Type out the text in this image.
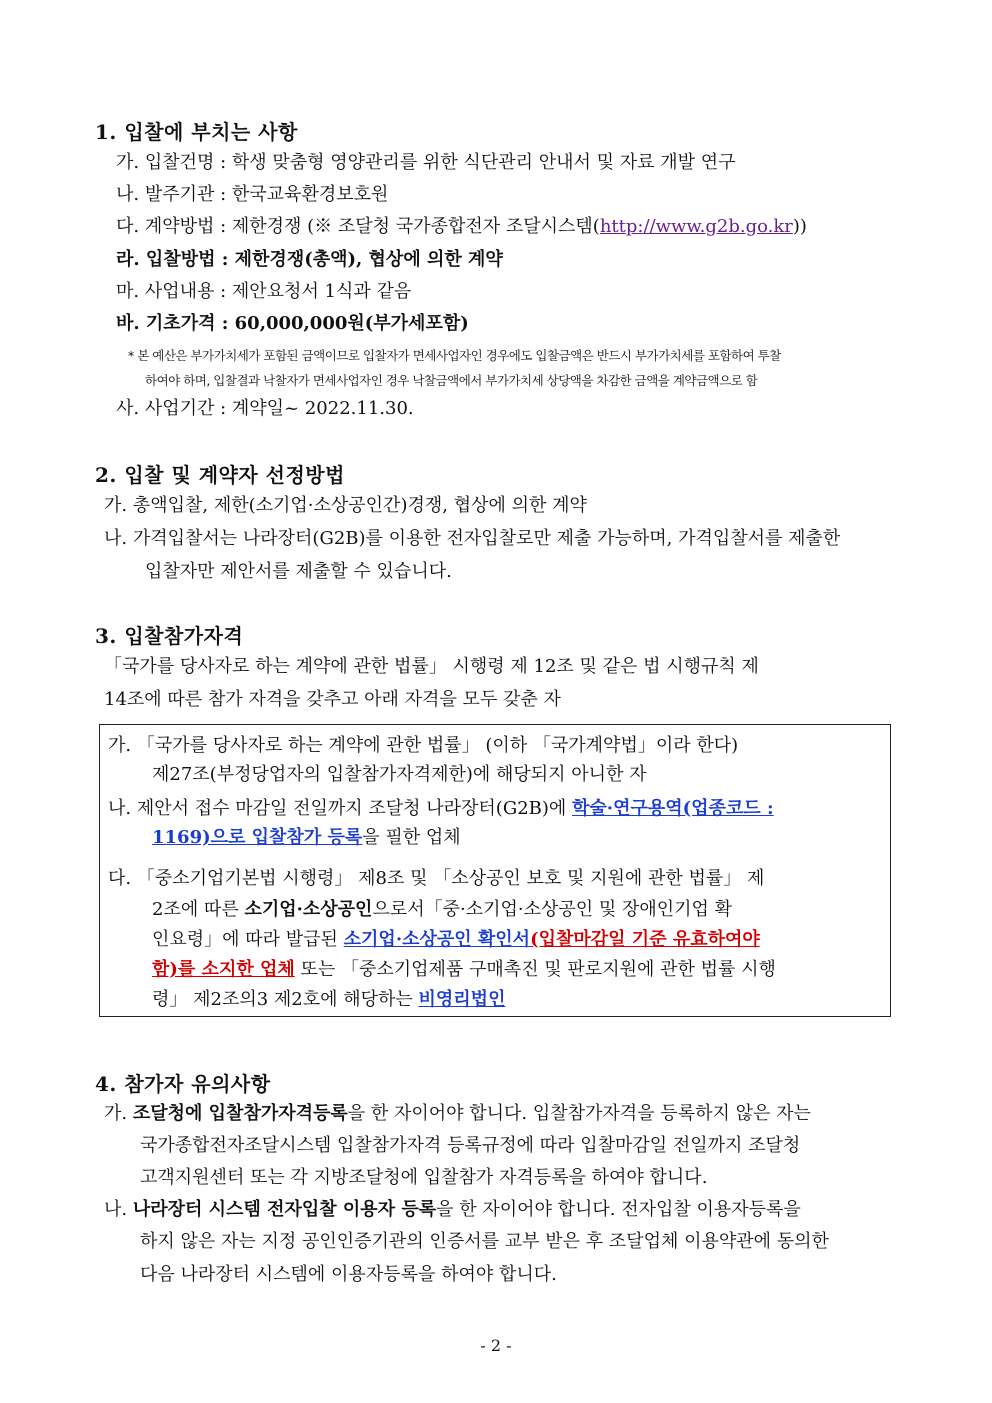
1. 입찰에 부치는 사항
가. 입찰건명 : 학생 맞춤형 영양관리를 위한 식단관리 안내서 및 자료 개발 연구
나. 발주기관 : 한국교육환경보호원
다. 계약방법 : 제한경쟁 (※ 조달청 국가종합전자 조달시스템(http://www.g2b.go.kr))
라. 입찰방법 : 제한경쟁(총액), 협상에 의한 계약
마. 사업내용 : 제안요청서 1식과 같음
바. 기초가격 : 60,000,000원(부가세포함)
* 본 예산은 부가가치세가 포함된 금액이므로 입찰자가 면세사업자인 경우에도 입찰금액은 반드시 부가가치세를 포함하여 투찰
하여야 하며, 입찰결과 낙찰자가 면세사업자인 경우 낙찰금액에서 부가가치세 상당액을 차감한 금액을 계약금액으로 함
사. 사업기간 : 계약일~ 2022.11.30.
2. 입찰 및 계약자 선정방법
가. 총액입찰, 제한(소기업·소상공인간)경쟁, 협상에 의한 계약
나. 가격입찰서는 나라장터(G2B)를 이용한 전자입찰로만 제출 가능하며, 가격입찰서를 제출한
입찰자만 제안서를 제출할 수 있습니다.
3. 입찰참가자격
「국가를 당사자로 하는 계약에 관한 법률」 시행령 제 12조 및 같은 법 시행규칙 제
14조에 따른 참가 자격을 갖추고 아래 자격을 모두 갖춘 자
가. 「국가를 당사자로 하는 계약에 관한 법률」 (이하 「국가계약법」이라 한다)
제27조(부정당업자의 입찰참가자격제한)에 해당되지 아니한 자
나. 제안서 접수 마감일 전일까지 조달청 나라장터(G2B)에 학술·연구용역(업종코드 :
1169)으로 입찰참가 등록을 필한 업체
다. 「중소기업기본법 시행령」 제8조 및 「소상공인 보호 및 지원에 관한 법률」 제
2조에 따른 소기업·소상공인으로서「중·소기업·소상공인 및 장애인기업 확
인요령」에 따라 발급된 소기업·소상공인 확인서(입찰마감일 기준 유효하여야
함)를 소지한 업체 또는 「중소기업제품 구매촉진 및 판로지원에 관한 법률 시행
령」 제2조의3 제2호에 해당하는 비영리법인
4. 참가자 유의사항
가. 조달청에 입찰참가자격등록을 한 자이어야 합니다. 입찰참가자격을 등록하지 않은 자는
국가종합전자조달시스템 입찰참가자격 등록규정에 따라 입찰마감일 전일까지 조달청
고객지원센터 또는 각 지방조달청에 입찰참가 자격등록을 하여야 합니다.
나. 나라장터 시스템 전자입찰 이용자 등록을 한 자이어야 합니다. 전자입찰 이용자등록을
하지 않은 자는 지정 공인인증기관의 인증서를 교부 받은 후 조달업체 이용약관에 동의한
다음 나라장터 시스템에 이용자등록을 하여야 합니다.
- 2 -
